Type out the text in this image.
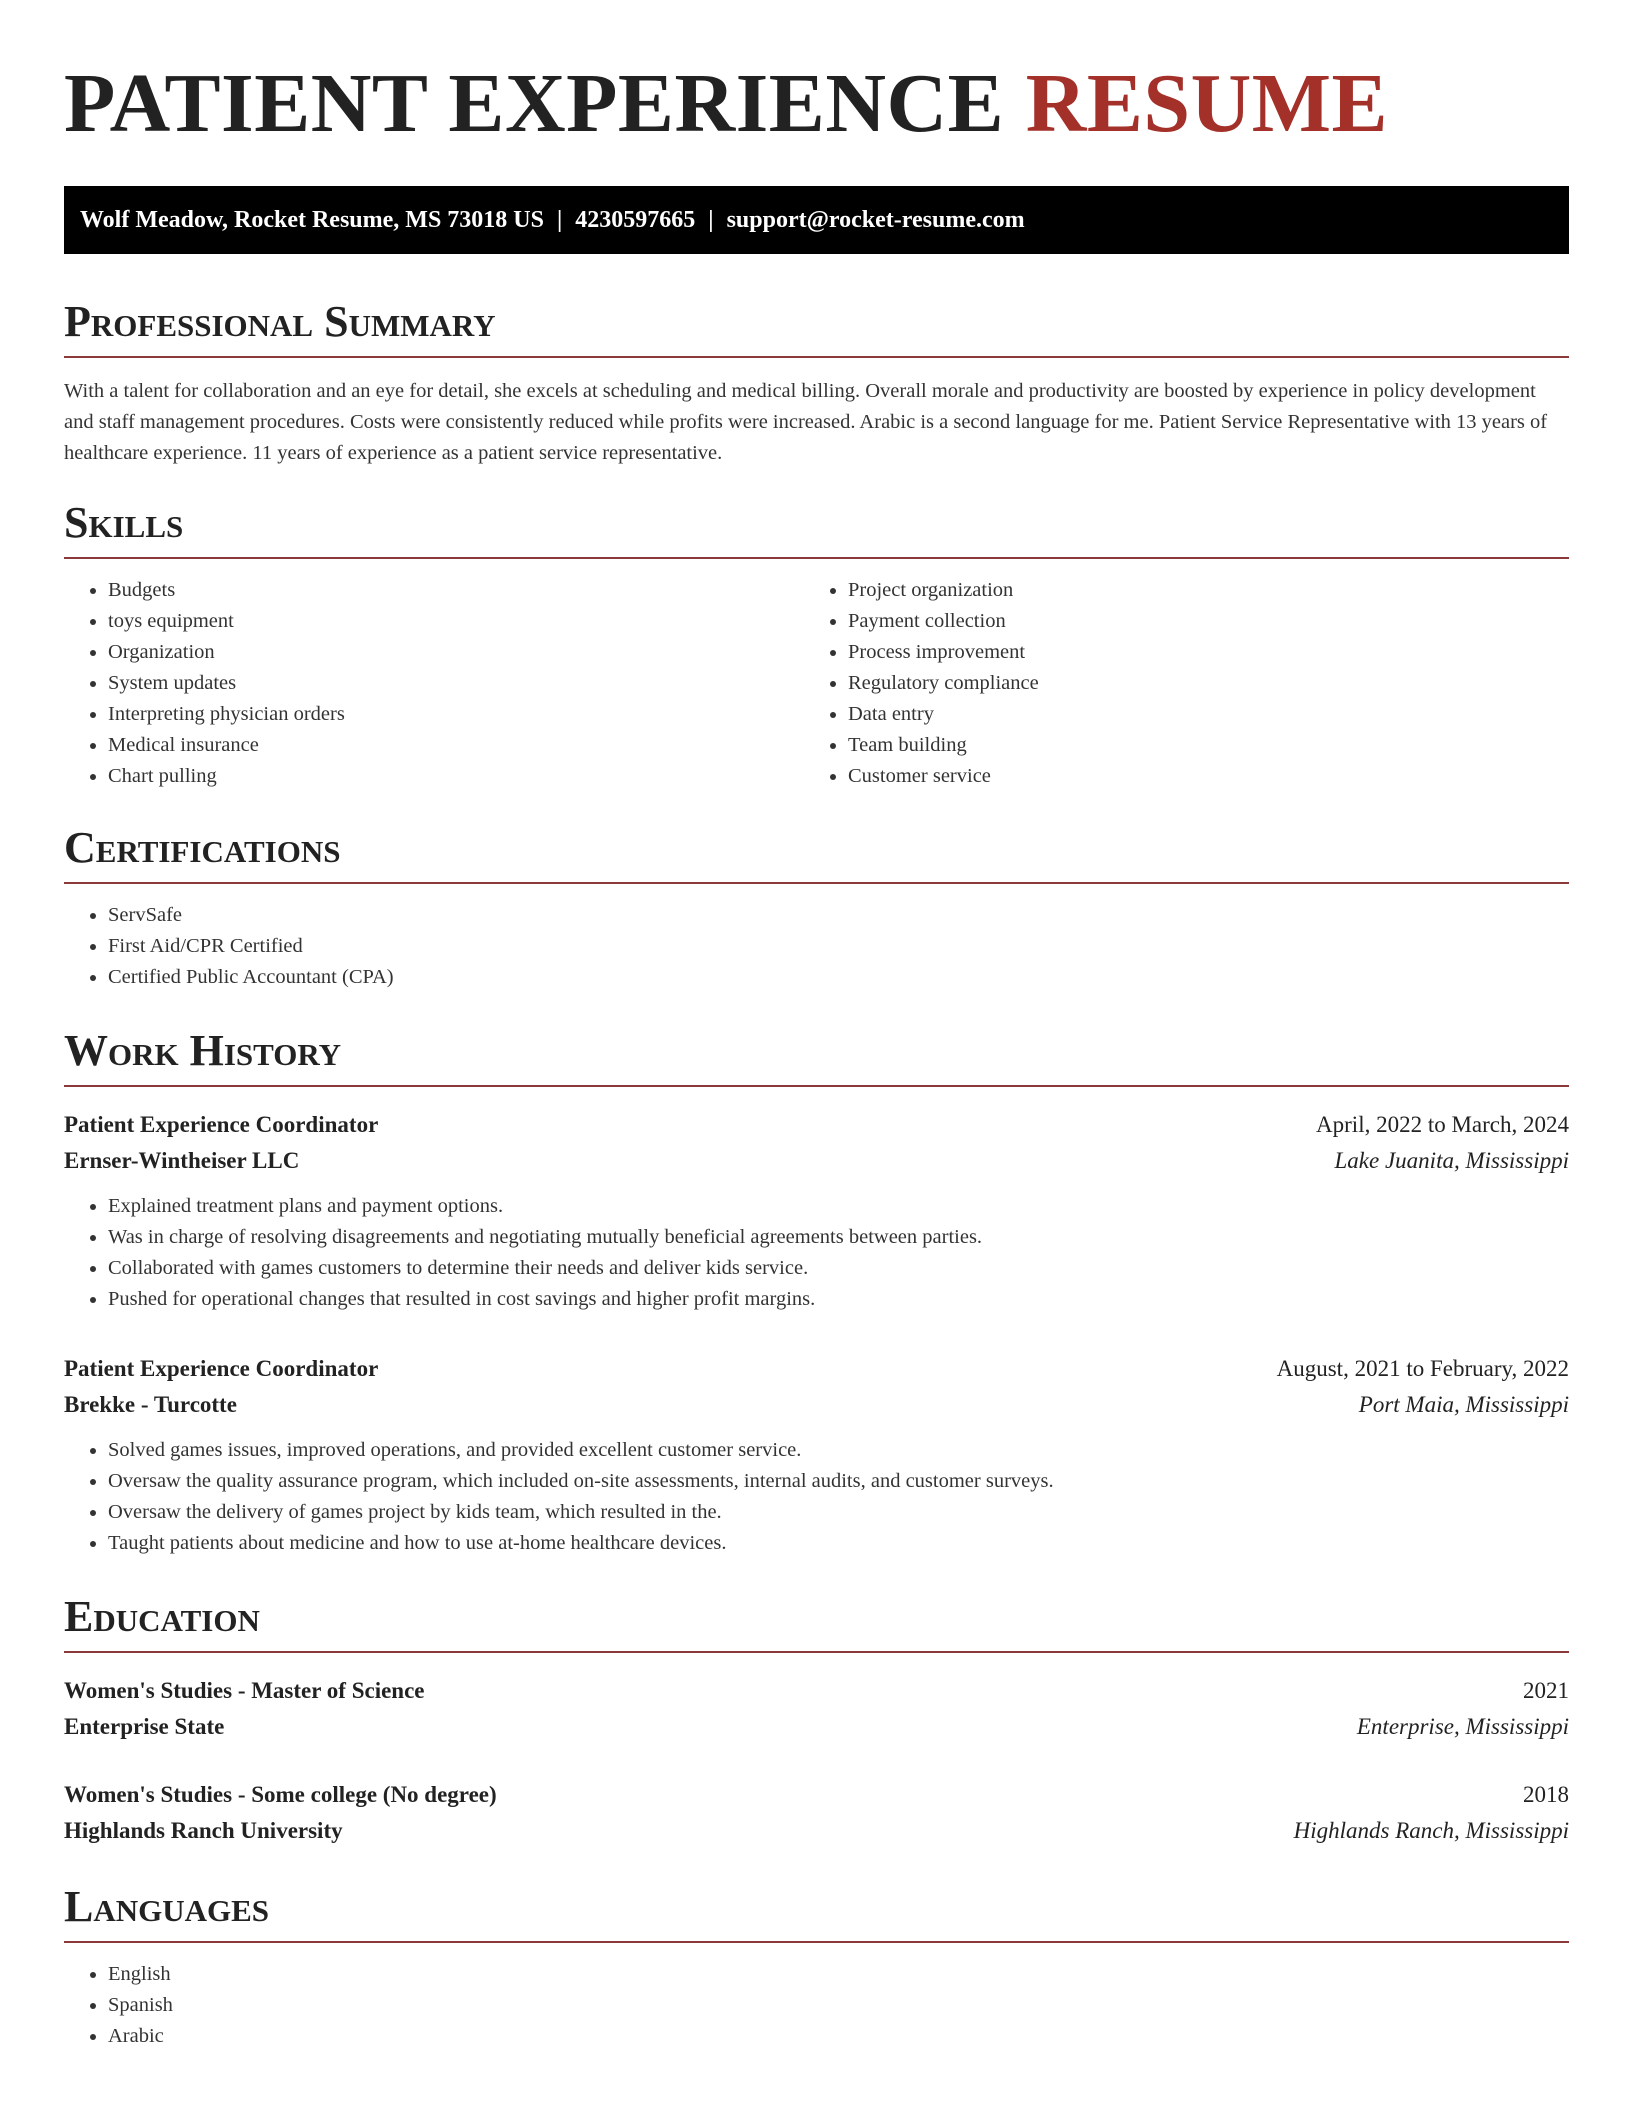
PATIENT EXPERIENCE RESUME
Wolf Meadow, Rocket Resume, MS 73018 US | 4230597665 | support@rocket-resume.com
Professional Summary

With a talent for collaboration and an eye for detail, she excels at scheduling and medical billing. Overall morale and productivity are boosted by experience in policy development and staff management procedures. Costs were consistently reduced while profits were increased. Arabic is a second language for me. Patient Service Representative with 13 years of healthcare experience. 11 years of experience as a patient service representative.

Skills
• Budgets
• toys equipment
• Organization
• System updates
• Interpreting physician orders
• Medical insurance
• Chart pulling
• Project organization
• Payment collection
• Process improvement
• Regulatory compliance
• Data entry
• Team building
• Customer service
Certifications
• ServSafe
• First Aid/CPR Certified
• Certified Public Accountant (CPA)
Work History
Patient Experience Coordinator	April, 2022 to March, 2024
Ernser-Wintheiser LLC	Lake Juanita, Mississippi
• Explained treatment plans and payment options.
• Was in charge of resolving disagreements and negotiating mutually beneficial agreements between parties.
• Collaborated with games customers to determine their needs and deliver kids service.
• Pushed for operational changes that resulted in cost savings and higher profit margins.
Patient Experience Coordinator	August, 2021 to February, 2022
Brekke - Turcotte	Port Maia, Mississippi
• Solved games issues, improved operations, and provided excellent customer service.
• Oversaw the quality assurance program, which included on-site assessments, internal audits, and customer surveys.
• Oversaw the delivery of games project by kids team, which resulted in the.
• Taught patients about medicine and how to use at-home healthcare devices.
Education
Women's Studies - Master of Science	2021
Enterprise State	Enterprise, Mississippi
Women's Studies - Some college (No degree)	2018
Highlands Ranch University	Highlands Ranch, Mississippi
Languages
• English
• Spanish
• Arabic
